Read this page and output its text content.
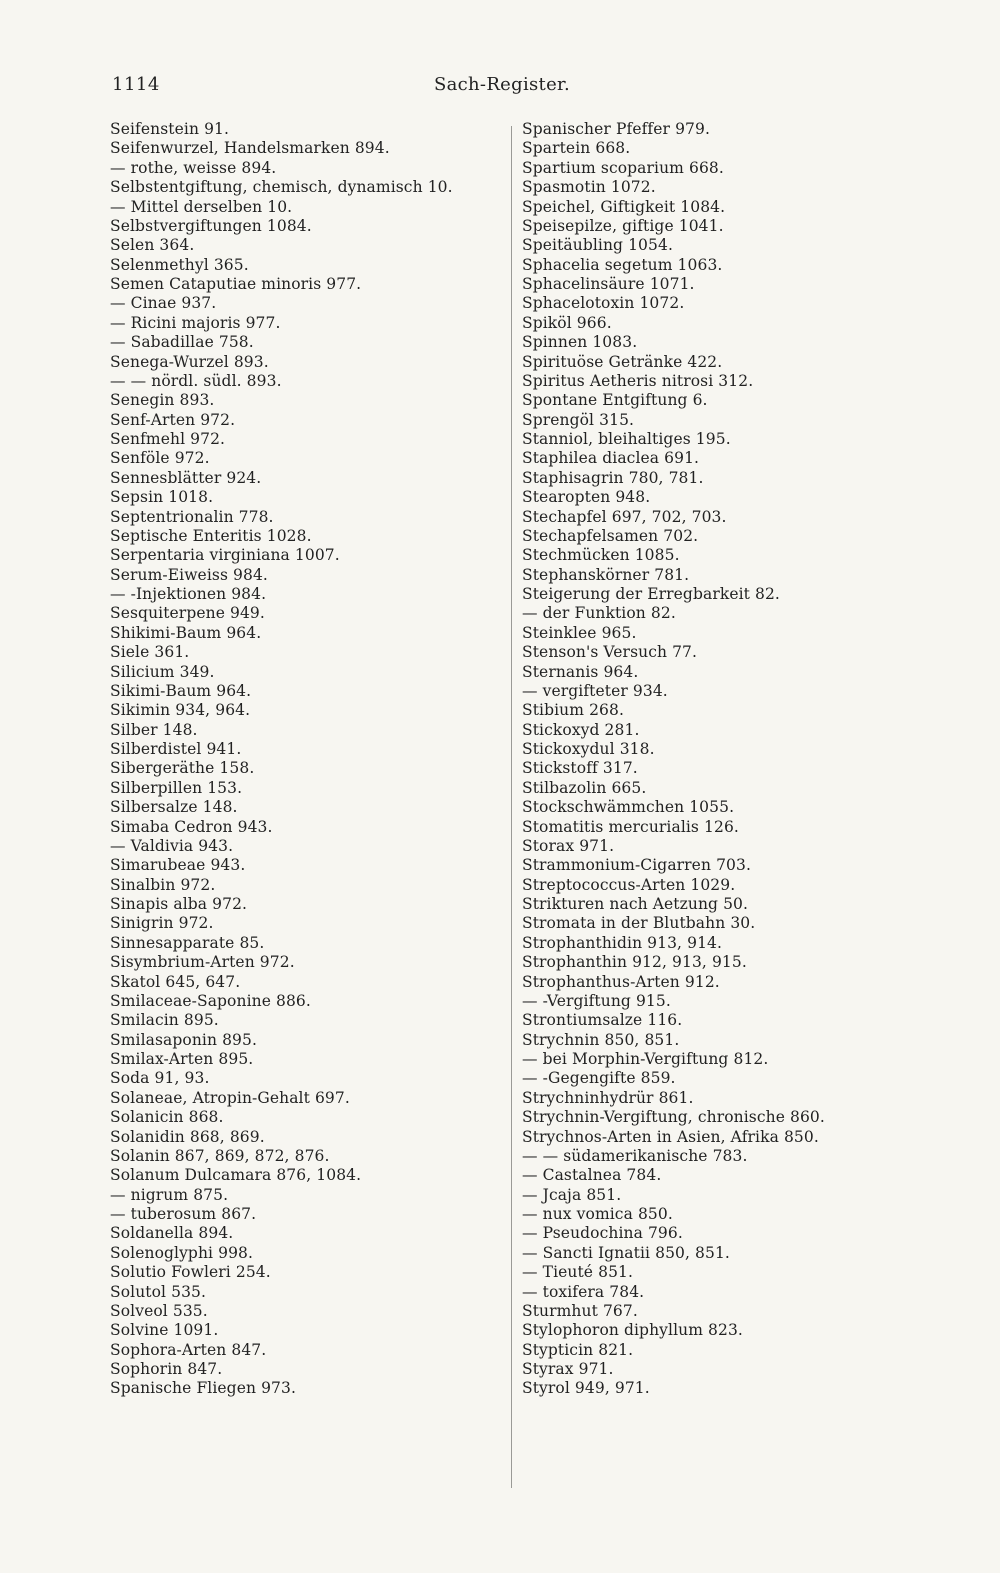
1114	Sach-Register.
Seifenstein 91.
Seifenwurzel, Handelsmarken 894.
— rothe, weisse 894.
Selbstentgiftung, chemisch, dynamisch 10.
— Mittel derselben 10.
Selbstvergiftungen 1084.
Selen 364.
Selenmethyl 365.
Semen Cataputiae minoris 977.
— Cinae 937.
— Ricini majoris 977.
— Sabadillae 758.
Senega-Wurzel 893.
— — nördl. südl. 893.
Senegin 893.
Senf-Arten 972.
Senfmehl 972.
Senföle 972.
Sennesblätter 924.
Sepsin 1018.
Septentrionalin 778.
Septische Enteritis 1028.
Serpentaria virginiana 1007.
Serum-Eiweiss 984.
— -Injektionen 984.
Sesquiterpene 949.
Shikimi-Baum 964.
Siele 361.
Silicium 349.
Sikimi-Baum 964.
Sikimin 934, 964.
Silber 148.
Silberdistel 941.
Sibergeräthe 158.
Silberpillen 153.
Silbersalze 148.
Simaba Cedron 943.
— Valdivia 943.
Simarubeae 943.
Sinalbin 972.
Sinapis alba 972.
Sinigrin 972.
Sinnesapparate 85.
Sisymbrium-Arten 972.
Skatol 645, 647.
Smilaceae-Saponine 886.
Smilacin 895.
Smilasaponin 895.
Smilax-Arten 895.
Soda 91, 93.
Solaneae, Atropin-Gehalt 697.
Solanicin 868.
Solanidin 868, 869.
Solanin 867, 869, 872, 876.
Solanum Dulcamara 876, 1084.
— nigrum 875.
— tuberosum 867.
Soldanella 894.
Solenoglyphi 998.
Solutio Fowleri 254.
Solutol 535.
Solveol 535.
Solvine 1091.
Sophora-Arten 847.
Sophorin 847.
Spanische Fliegen 973.
Spanischer Pfeffer 979.
Spartein 668.
Spartium scoparium 668.
Spasmotin 1072.
Speichel, Giftigkeit 1084.
Speisepilze, giftige 1041.
Speitäubling 1054.
Sphacelia segetum 1063.
Sphacelinsäure 1071.
Sphacelotoxin 1072.
Spiköl 966.
Spinnen 1083.
Spirituöse Getränke 422.
Spiritus Aetheris nitrosi 312.
Spontane Entgiftung 6.
Sprengöl 315.
Stanniol, bleihaltiges 195.
Staphilea diaclea 691.
Staphisagrin 780, 781.
Stearopten 948.
Stechapfel 697, 702, 703.
Stechapfelsamen 702.
Stechmücken 1085.
Stephanskörner 781.
Steigerung der Erregbarkeit 82.
— der Funktion 82.
Steinklee 965.
Stenson's Versuch 77.
Sternanis 964.
— vergifteter 934.
Stibium 268.
Stickoxyd 281.
Stickoxydul 318.
Stickstoff 317.
Stilbazolin 665.
Stockschwämmchen 1055.
Stomatitis mercurialis 126.
Storax 971.
Strammonium-Cigarren 703.
Streptococcus-Arten 1029.
Strikturen nach Aetzung 50.
Stromata in der Blutbahn 30.
Strophanthidin 913, 914.
Strophanthin 912, 913, 915.
Strophanthus-Arten 912.
— -Vergiftung 915.
Strontiumsalze 116.
Strychnin 850, 851.
— bei Morphin-Vergiftung 812.
— -Gegengifte 859.
Strychninhydrür 861.
Strychnin-Vergiftung, chronische 860.
Strychnos-Arten in Asien, Afrika 850.
— — südamerikanische 783.
— Castalnea 784.
— Jcaja 851.
— nux vomica 850.
— Pseudochina 796.
— Sancti Ignatii 850, 851.
— Tieuté 851.
— toxifera 784.
Sturmhut 767.
Stylophoron diphyllum 823.
Stypticin 821.
Styrax 971.
Styrol 949, 971.
